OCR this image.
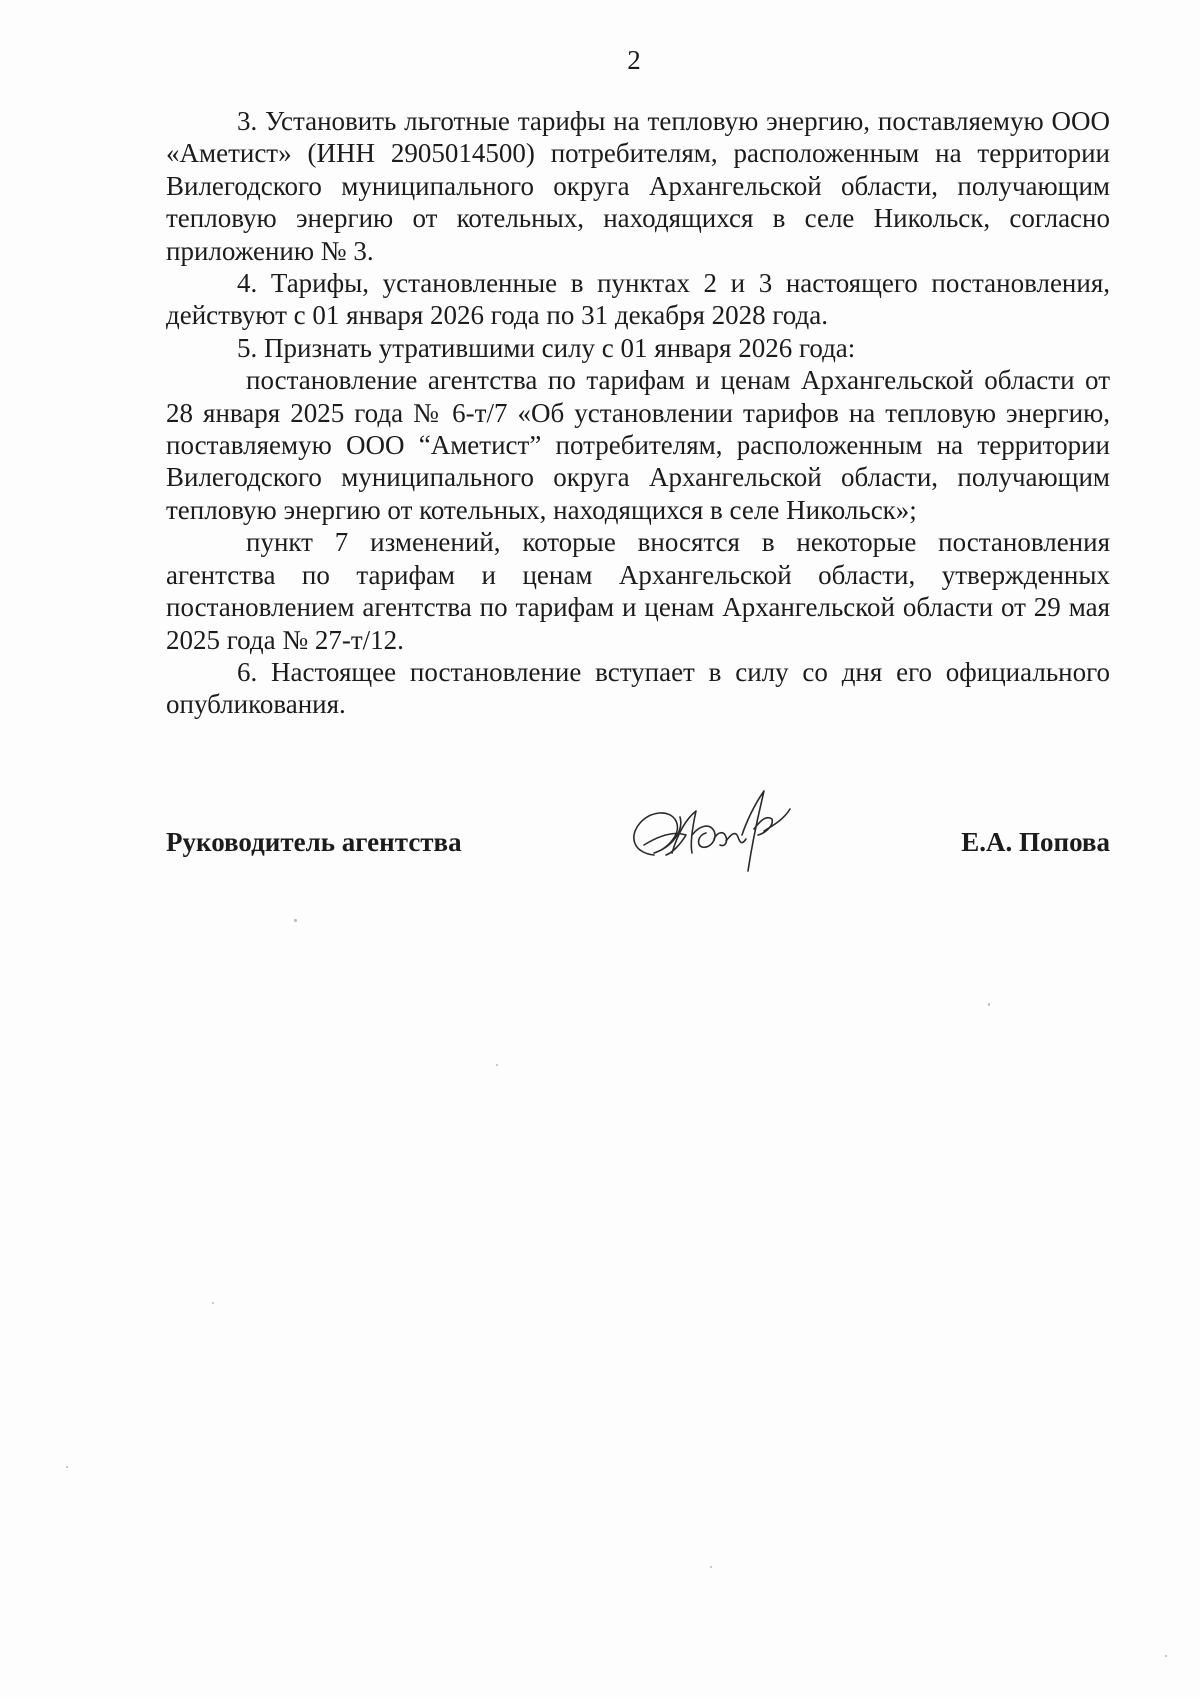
2

3. Установить льготные тарифы на тепловую энергию, поставляемую ООО «Аметист» (ИНН 2905014500) потребителям, расположенным на территории Вилегодского муниципального округа Архангельской области, получающим тепловую энергию от котельных, находящихся в селе Никольск, согласно приложению № 3.

4. Тарифы, установленные в пунктах 2 и 3 настоящего постановления, действуют с 01 января 2026 года по 31 декабря 2028 года.

5. Признать утратившими силу с 01 января 2026 года:

постановление агентства по тарифам и ценам Архангельской области от 28 января 2025 года № 6-т/7 «Об установлении тарифов на тепловую энергию, поставляемую ООО “Аметист” потребителям, расположенным на территории Вилегодского муниципального округа Архангельской области, получающим тепловую энергию от котельных, находящихся в селе Никольск»;

пункт 7 изменений, которые вносятся в некоторые постановления агентства по тарифам и ценам Архангельской области, утвержденных постановлением агентства по тарифам и ценам Архангельской области от 29 мая 2025 года № 27-т/12.

6. Настоящее постановление вступает в силу со дня его официального опубликования.

Руководитель агентства	Е.А. Попова
